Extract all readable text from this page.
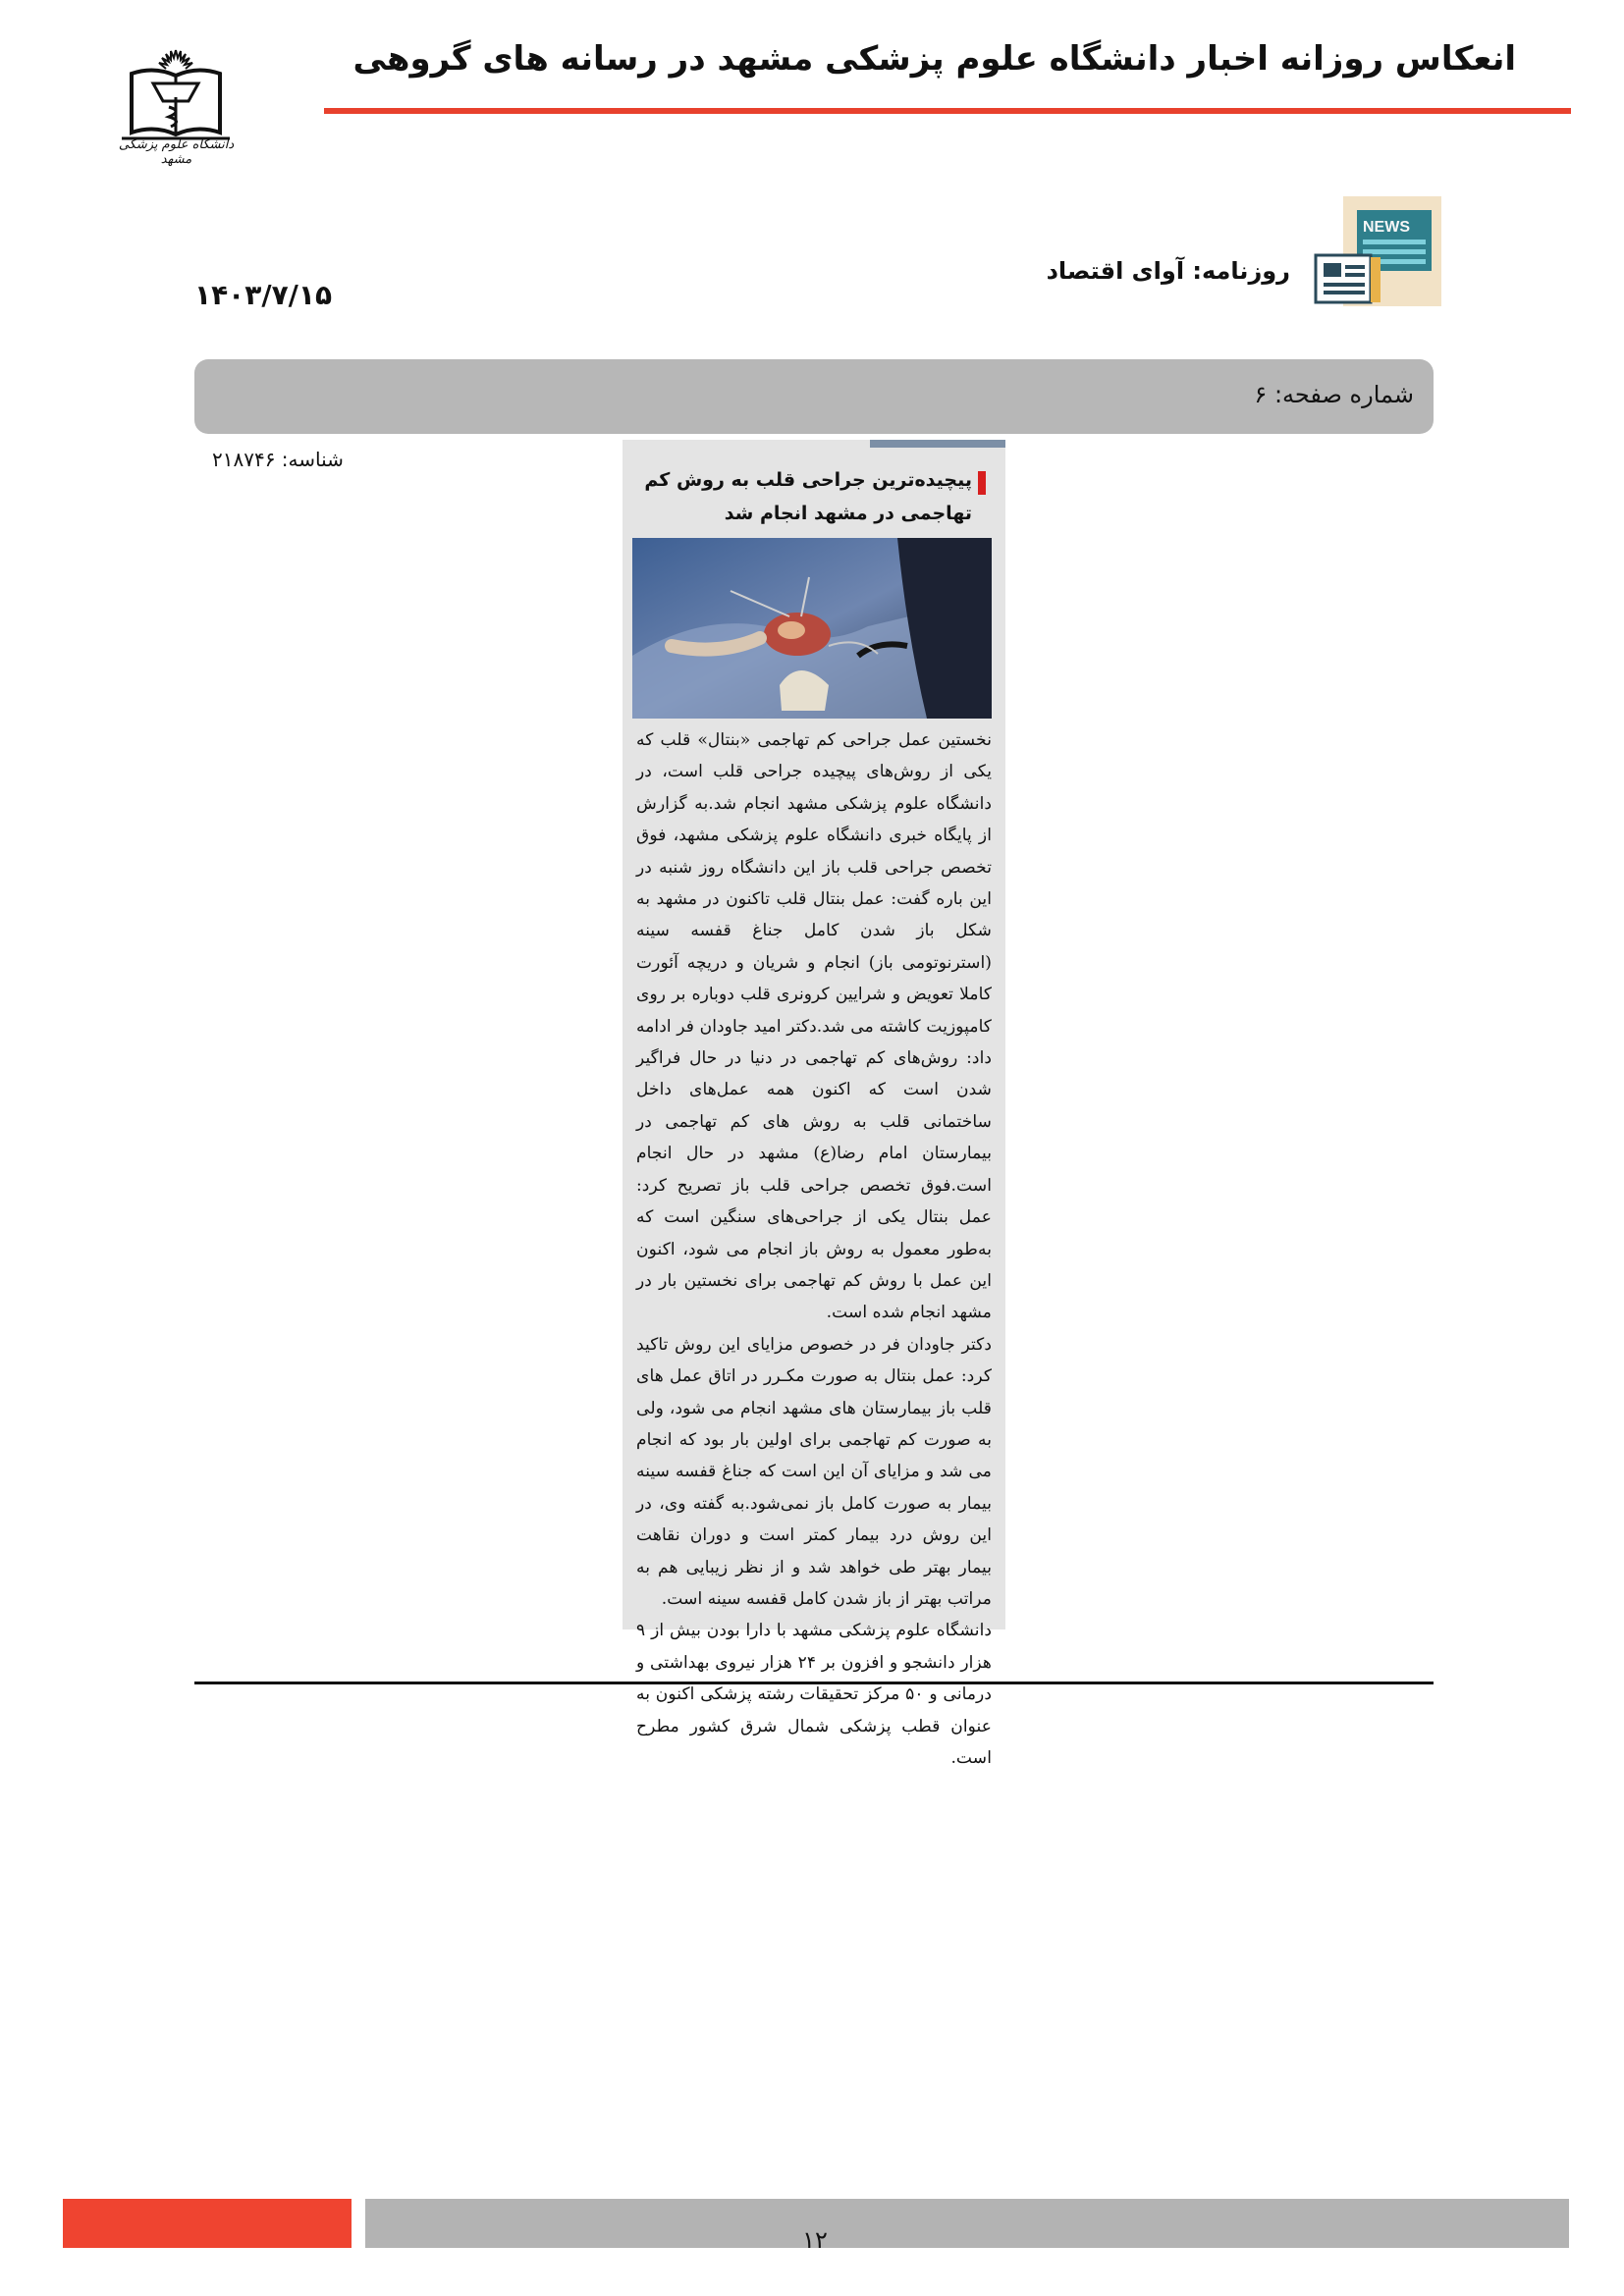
انعکاس روزانه اخبار دانشگاه علوم پزشکی مشهد در رسانه های گروهی
دانشگاه علوم پزشکی مشهد
NEWS
روزنامه: آوای اقتصاد
۱۴۰۳/۷/۱۵
شماره صفحه: ۶
شناسه: ۲۱۸۷۴۶
پیچیده‌ترین جراحی قلب به روش کم تهاجمی در مشهد انجام شد
نخستین عمل جراحی کم تهاجمی «بنتال» قلب که یکی از روش‌های پیچیده جراحی قلب است، در دانشگاه علوم پزشکی مشهد انجام شد.به گزارش از پایگاه خبری دانشگاه علوم پزشکی مشهد، فوق تخصص جراحی قلب باز این دانشگاه روز شنبه در این باره گفت: عمل بنتال قلب تاکنون در مشهد به شکل باز شدن کامل جناغ قفسه سینه (استرنوتومی باز) انجام و شریان و دریچه آئورت کاملا تعویض و شرایین کرونری قلب دوباره بر روی کامپوزیت کاشته می شد.دکتر امید جاودان فر ادامه داد: روش‌های کم تهاجمی در دنیا در حال فراگیر شدن است که اکنون همه عمل‌های داخل ساختمانی قلب به روش های کم تهاجمی در بیمارستان امام رضا(ع) مشهد در حال انجام است.فوق تخصص جراحی قلب باز تصریح کرد: عمل بنتال یکی از جراحی‌های سنگین است که به‌طور معمول به روش باز انجام می شود، اکنون این عمل با روش کم تهاجمی برای نخستین بار در مشهد انجام شده است.
دکتر جاودان فر در خصوص مزایای این روش تاکید کرد: عمل بنتال به صورت مکـرر در اتاق عمل های قلب باز بیمارستان های مشهد انجام می شود، ولی به صورت کم تهاجمی برای اولین بار بود که انجام می شد و مزایای آن این است که جناغ قفسه سینه بیمار به صورت کامل باز نمی‌شود.به گفته وی، در این روش درد بیمار کمتر است و دوران نقاهت بیمار بهتر طی خواهد شد و از نظر زیبایی هم به مراتب بهتر از باز شدن کامل قفسه سینه است.
دانشگاه علوم پزشکی مشهد با دارا بودن بیش از ۹ هزار دانشجو و افزون بر ۲۴ هزار نیروی بهداشتی و درمانی و ۵۰ مرکز تحقیقات رشته پزشکی اکنون به عنوان قطب پزشکی شمال شرق کشور مطرح است.
۱۲
